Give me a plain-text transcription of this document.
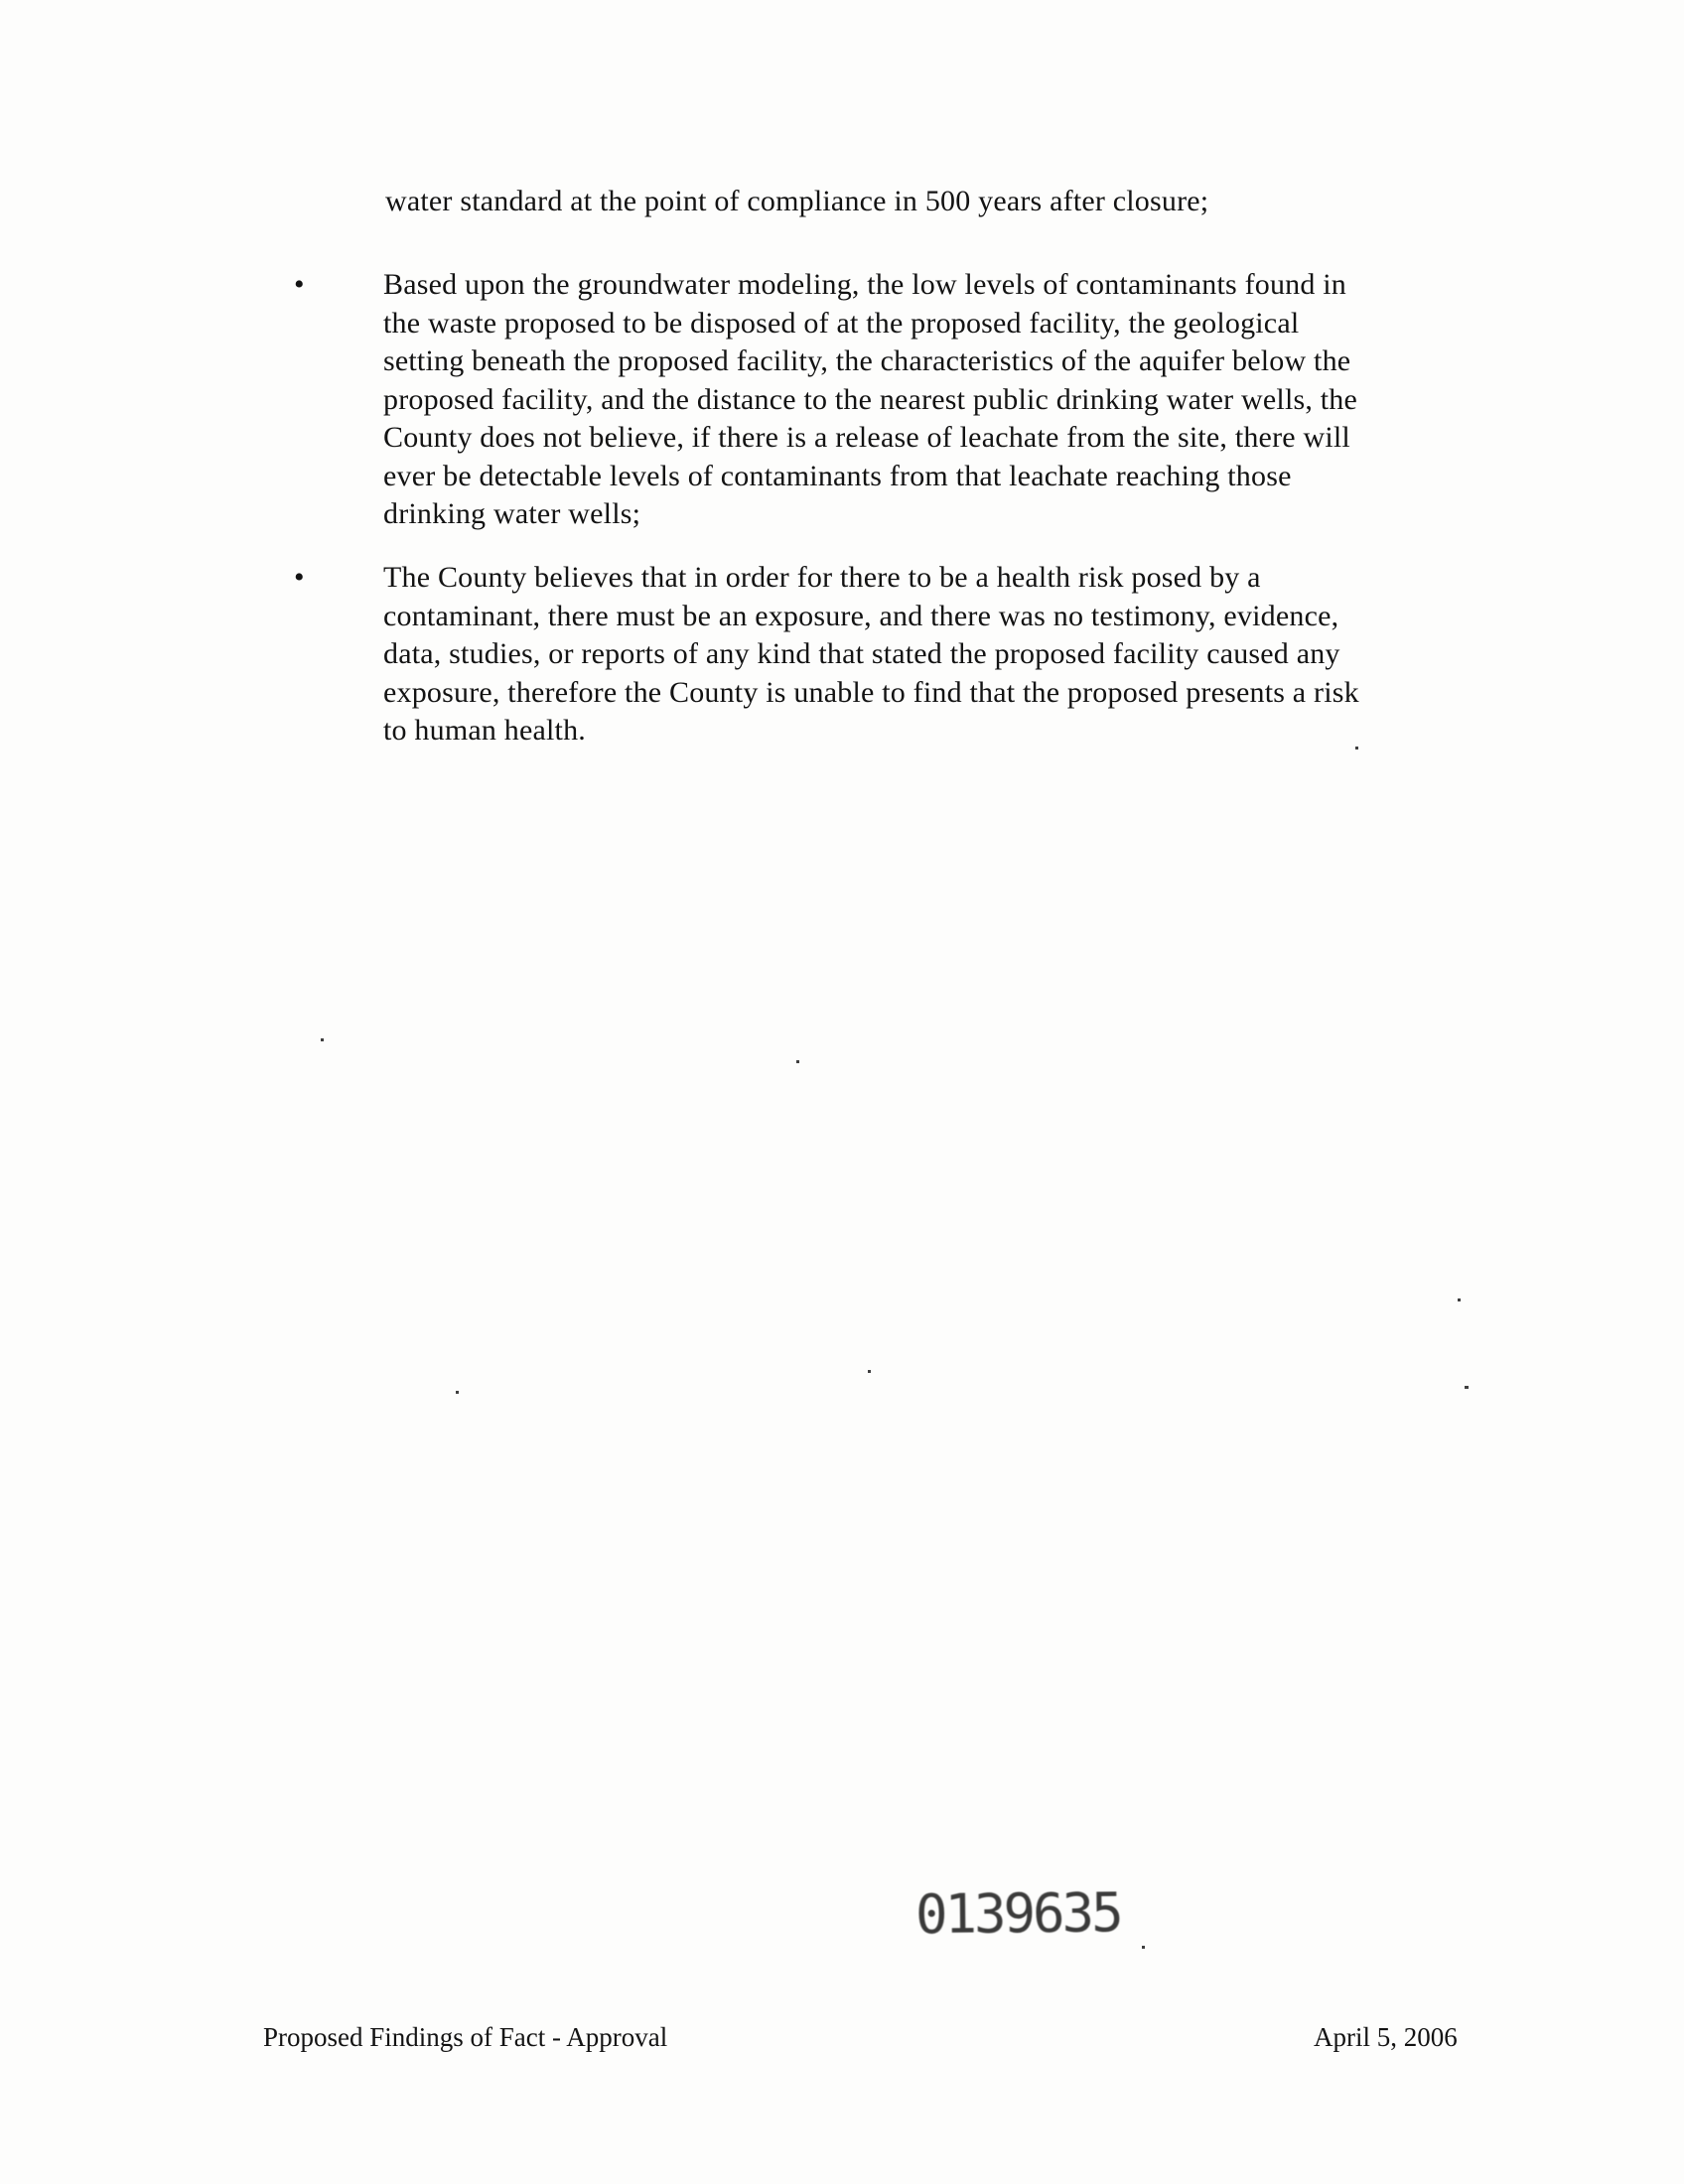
water standard at the point of compliance in 500 years after closure;
•	Based upon the groundwater modeling, the low levels of contaminants found in
the waste proposed to be disposed of at the proposed facility, the geological
setting beneath the proposed facility, the characteristics of the aquifer below the
proposed facility, and the distance to the nearest public drinking water wells, the
County does not believe, if there is a release of leachate from the site, there will
ever be detectable levels of contaminants from that leachate reaching those
drinking water wells;
•	The County believes that in order for there to be a health risk posed by a
contaminant, there must be an exposure, and there was no testimony, evidence,
data, studies, or reports of any kind that stated the proposed facility caused any
exposure, therefore the County is unable to find that the proposed presents a risk
to human health.
0139635
Proposed Findings of Fact - Approval	April 5, 2006
